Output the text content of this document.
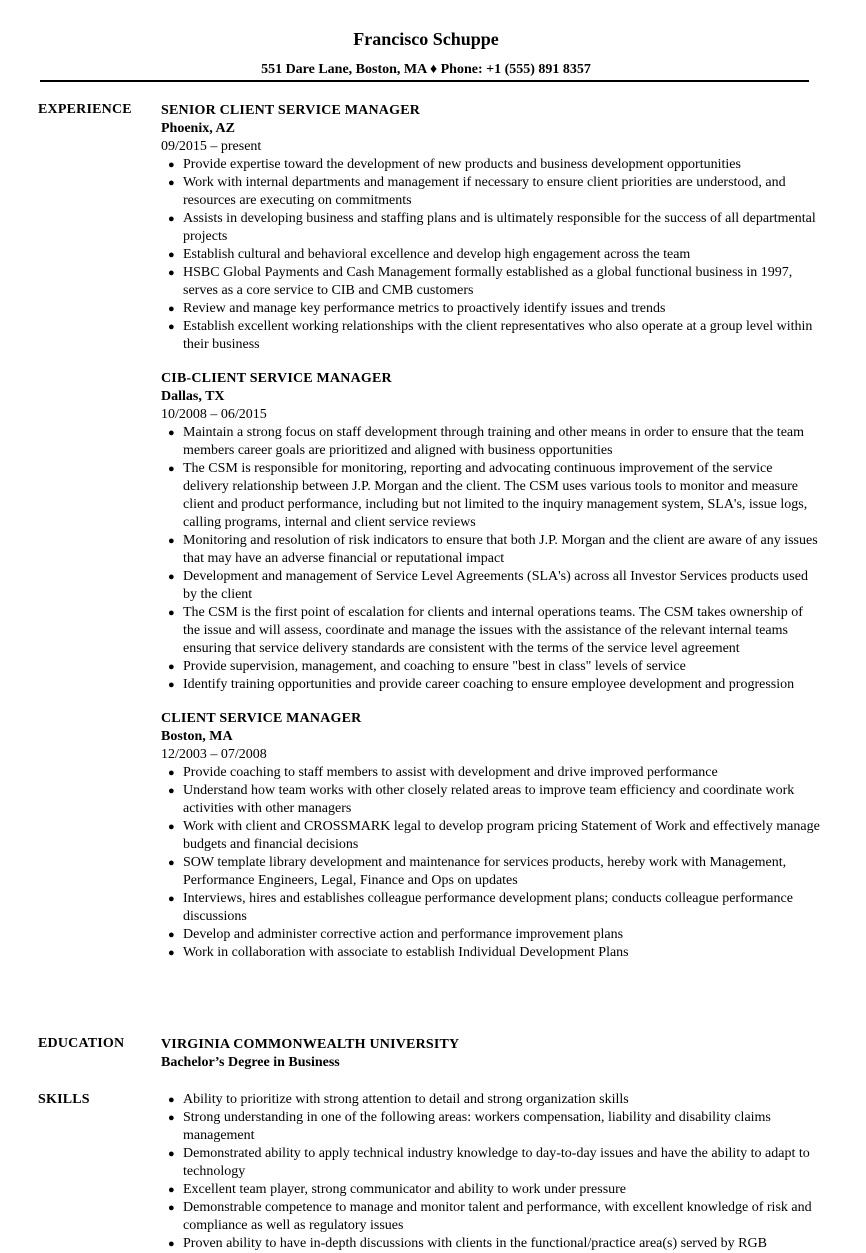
Francisco Schuppe
551 Dare Lane, Boston, MA ♦ Phone: +1 (555) 891 8357
EXPERIENCE SENIOR CLIENT SERVICE MANAGER
Phoenix, AZ
09/2015 – present
● Provide expertise toward the development of new products and business development opportunities
● Work with internal departments and management if necessary to ensure client priorities are understood, and resources are executing on commitments
● Assists in developing business and staffing plans and is ultimately responsible for the success of all departmental projects
● Establish cultural and behavioral excellence and develop high engagement across the team
● HSBC Global Payments and Cash Management formally established as a global functional business in 1997, serves as a core service to CIB and CMB customers
● Review and manage key performance metrics to proactively identify issues and trends
● Establish excellent working relationships with the client representatives who also operate at a group level within their business
CIB-CLIENT SERVICE MANAGER
Dallas, TX
10/2008 – 06/2015
● Maintain a strong focus on staff development through training and other means in order to ensure that the team members career goals are prioritized and aligned with business opportunities
● The CSM is responsible for monitoring, reporting and advocating continuous improvement of the service delivery relationship between J.P. Morgan and the client. The CSM uses various tools to monitor and measure client and product performance, including but not limited to the inquiry management system, SLA's, issue logs, calling programs, internal and client service reviews
● Monitoring and resolution of risk indicators to ensure that both J.P. Morgan and the client are aware of any issues that may have an adverse financial or reputational impact
● Development and management of Service Level Agreements (SLA's) across all Investor Services products used by the client
● The CSM is the first point of escalation for clients and internal operations teams. The CSM takes ownership of the issue and will assess, coordinate and manage the issues with the assistance of the relevant internal teams ensuring that service delivery standards are consistent with the terms of the service level agreement
● Provide supervision, management, and coaching to ensure "best in class" levels of service
● Identify training opportunities and provide career coaching to ensure employee development and progression
CLIENT SERVICE MANAGER
Boston, MA
12/2003 – 07/2008
● Provide coaching to staff members to assist with development and drive improved performance
● Understand how team works with other closely related areas to improve team efficiency and coordinate work activities with other managers
● Work with client and CROSSMARK legal to develop program pricing Statement of Work and effectively manage budgets and financial decisions
● SOW template library development and maintenance for services products, hereby work with Management, Performance Engineers, Legal, Finance and Ops on updates
● Interviews, hires and establishes colleague performance development plans; conducts colleague performance discussions
● Develop and administer corrective action and performance improvement plans
● Work in collaboration with associate to establish Individual Development Plans
EDUCATION	VIRGINIA COMMONWEALTH UNIVERSITY
Bachelor’s Degree in Business
SKILLS	● Ability to prioritize with strong attention to detail and strong organization skills
● Strong understanding in one of the following areas: workers compensation, liability and disability claims management
● Demonstrated ability to apply technical industry knowledge to day-to-day issues and have the ability to adapt to technology
● Excellent team player, strong communicator and ability to work under pressure
● Demonstrable competence to manage and monitor talent and performance, with excellent knowledge of risk and compliance as well as regulatory issues
● Proven ability to have in-depth discussions with clients in the functional/practice area(s) served by RGB
